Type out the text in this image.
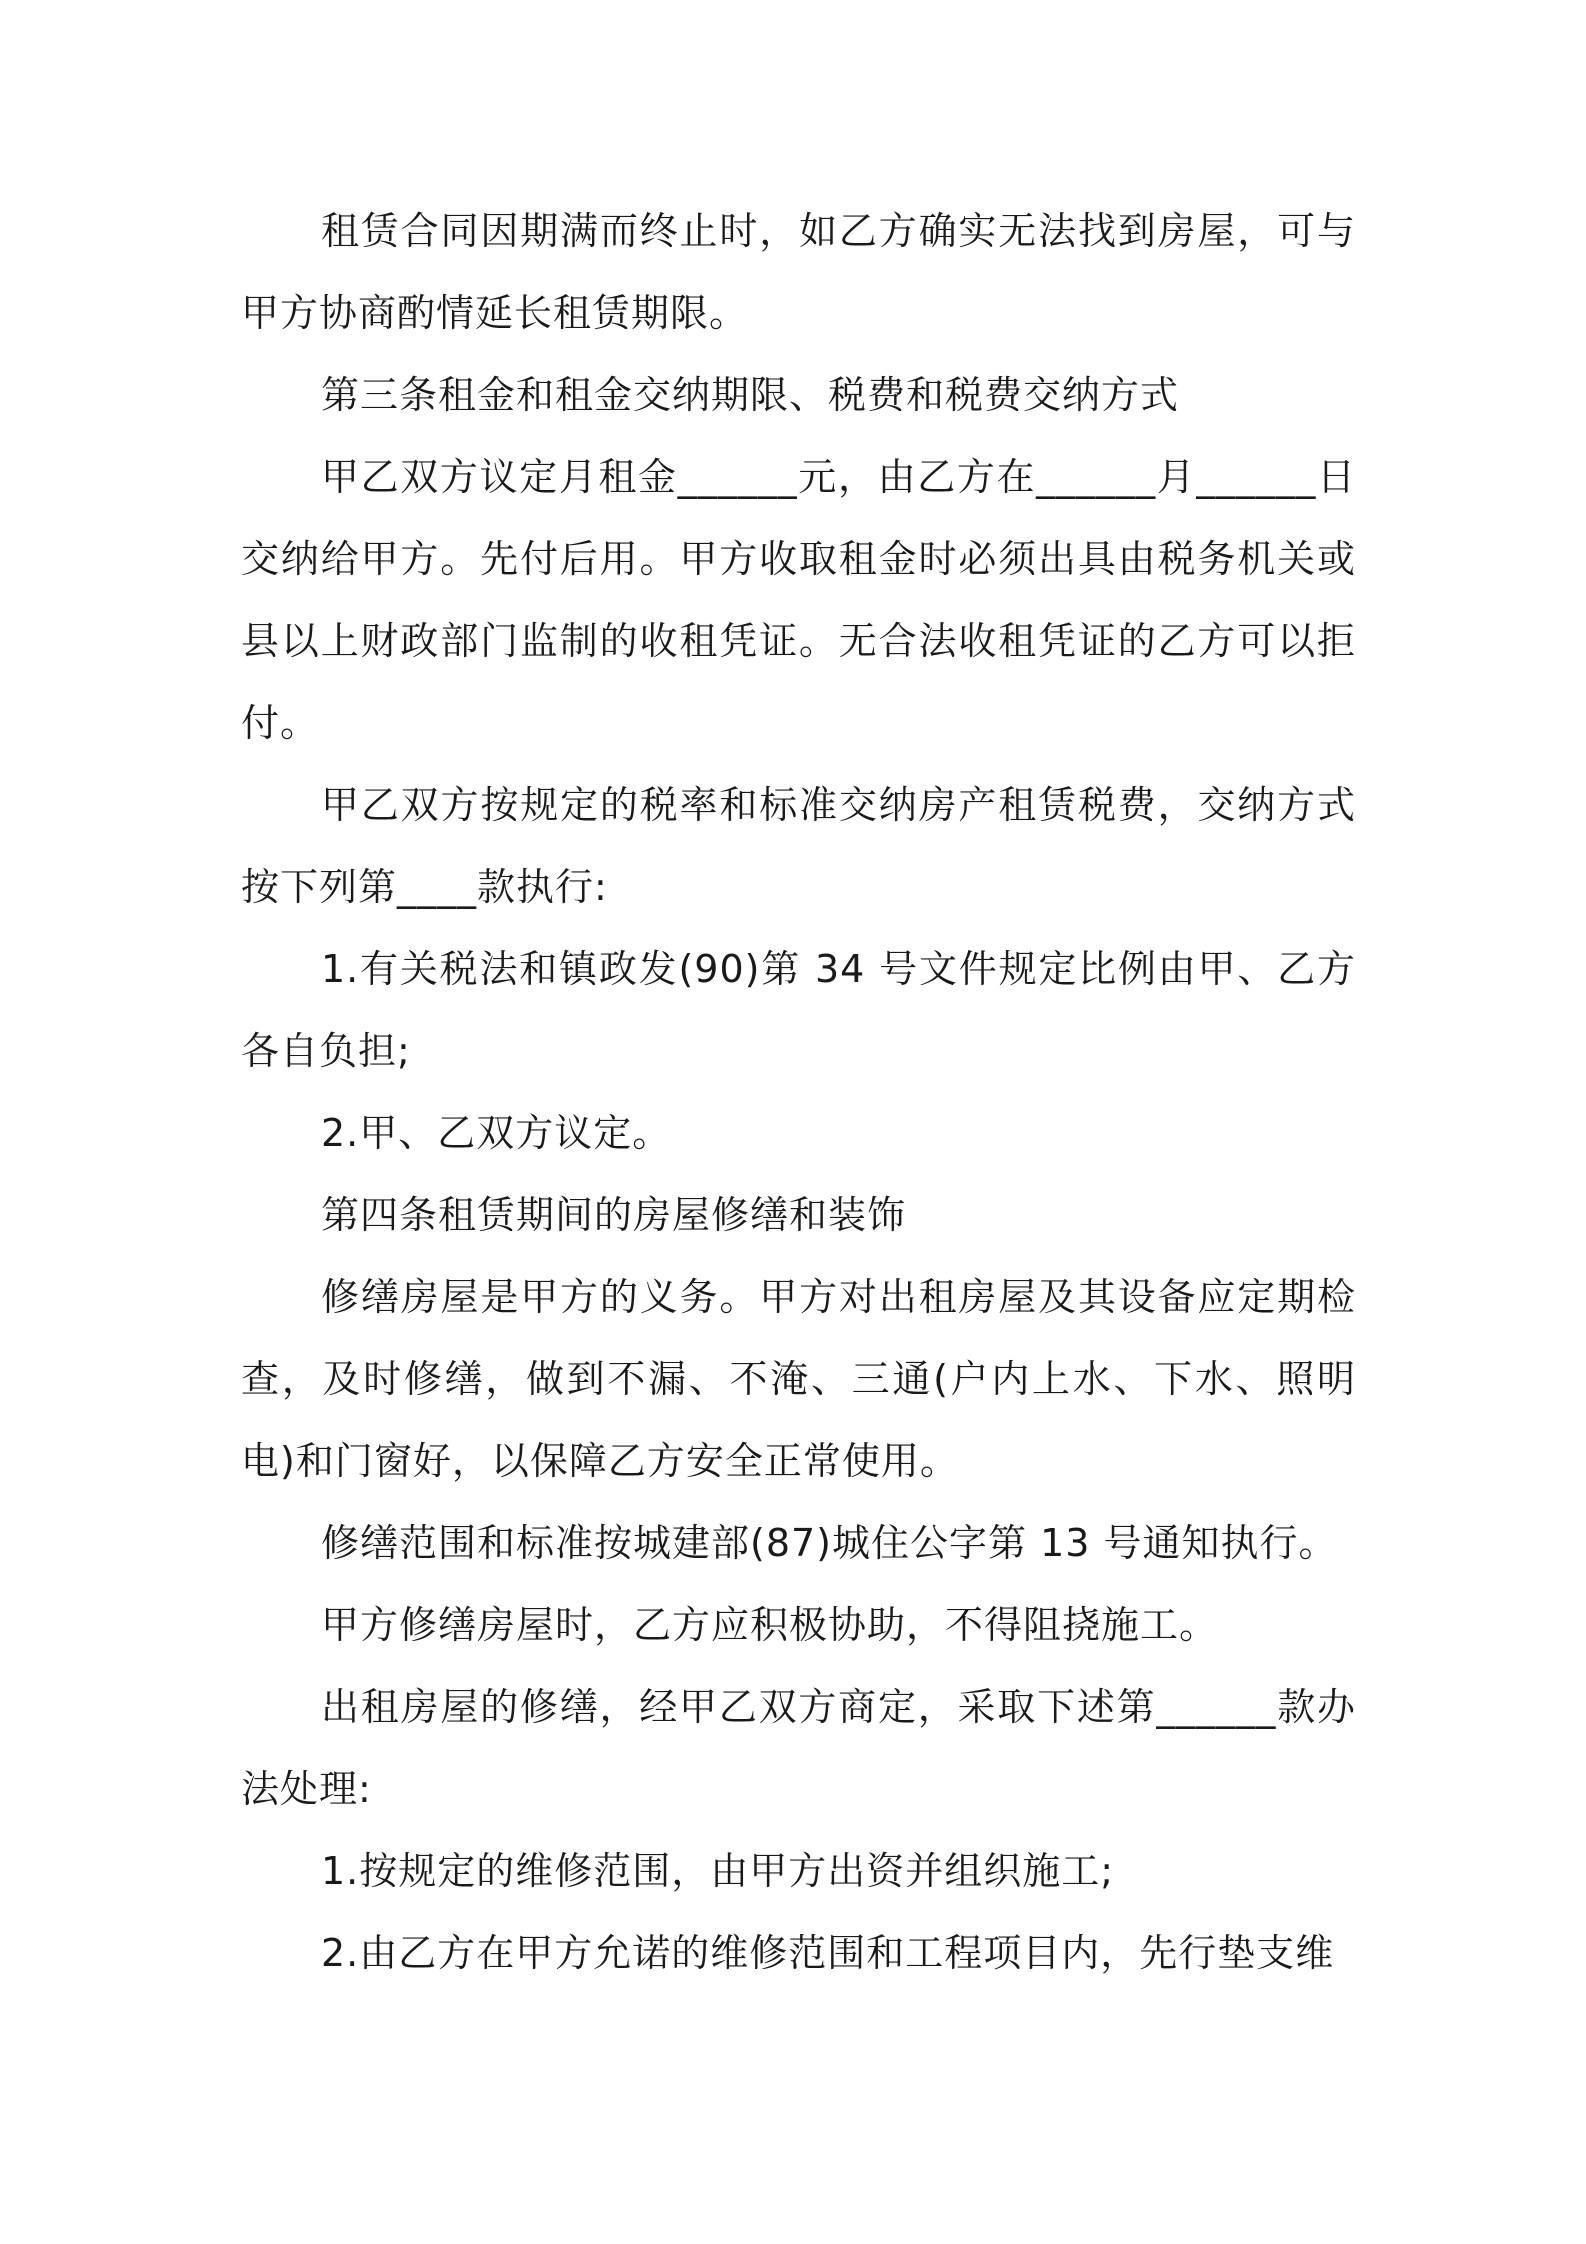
租赁合同因期满而终止时，如乙方确实无法找到房屋，可与甲方协商酌情延长租赁期限。

第三条租金和租金交纳期限、税费和税费交纳方式

甲乙双方议定月租金______元，由乙方在______月______日交纳给甲方。先付后用。甲方收取租金时必须出具由税务机关或县以上财政部门监制的收租凭证。无合法收租凭证的乙方可以拒付。

甲乙双方按规定的税率和标准交纳房产租赁税费，交纳方式按下列第____款执行:

1.有关税法和镇政发(90)第 34 号文件规定比例由甲、乙方各自负担;

2.甲、乙双方议定。

第四条租赁期间的房屋修缮和装饰

修缮房屋是甲方的义务。甲方对出租房屋及其设备应定期检查，及时修缮，做到不漏、不淹、三通(户内上水、下水、照明电)和门窗好，以保障乙方安全正常使用。

修缮范围和标准按城建部(87)城住公字第 13 号通知执行。

甲方修缮房屋时，乙方应积极协助，不得阻挠施工。

出租房屋的修缮，经甲乙双方商定，采取下述第______款办法处理:

1.按规定的维修范围，由甲方出资并组织施工;

2.由乙方在甲方允诺的维修范围和工程项目内，先行垫支维
